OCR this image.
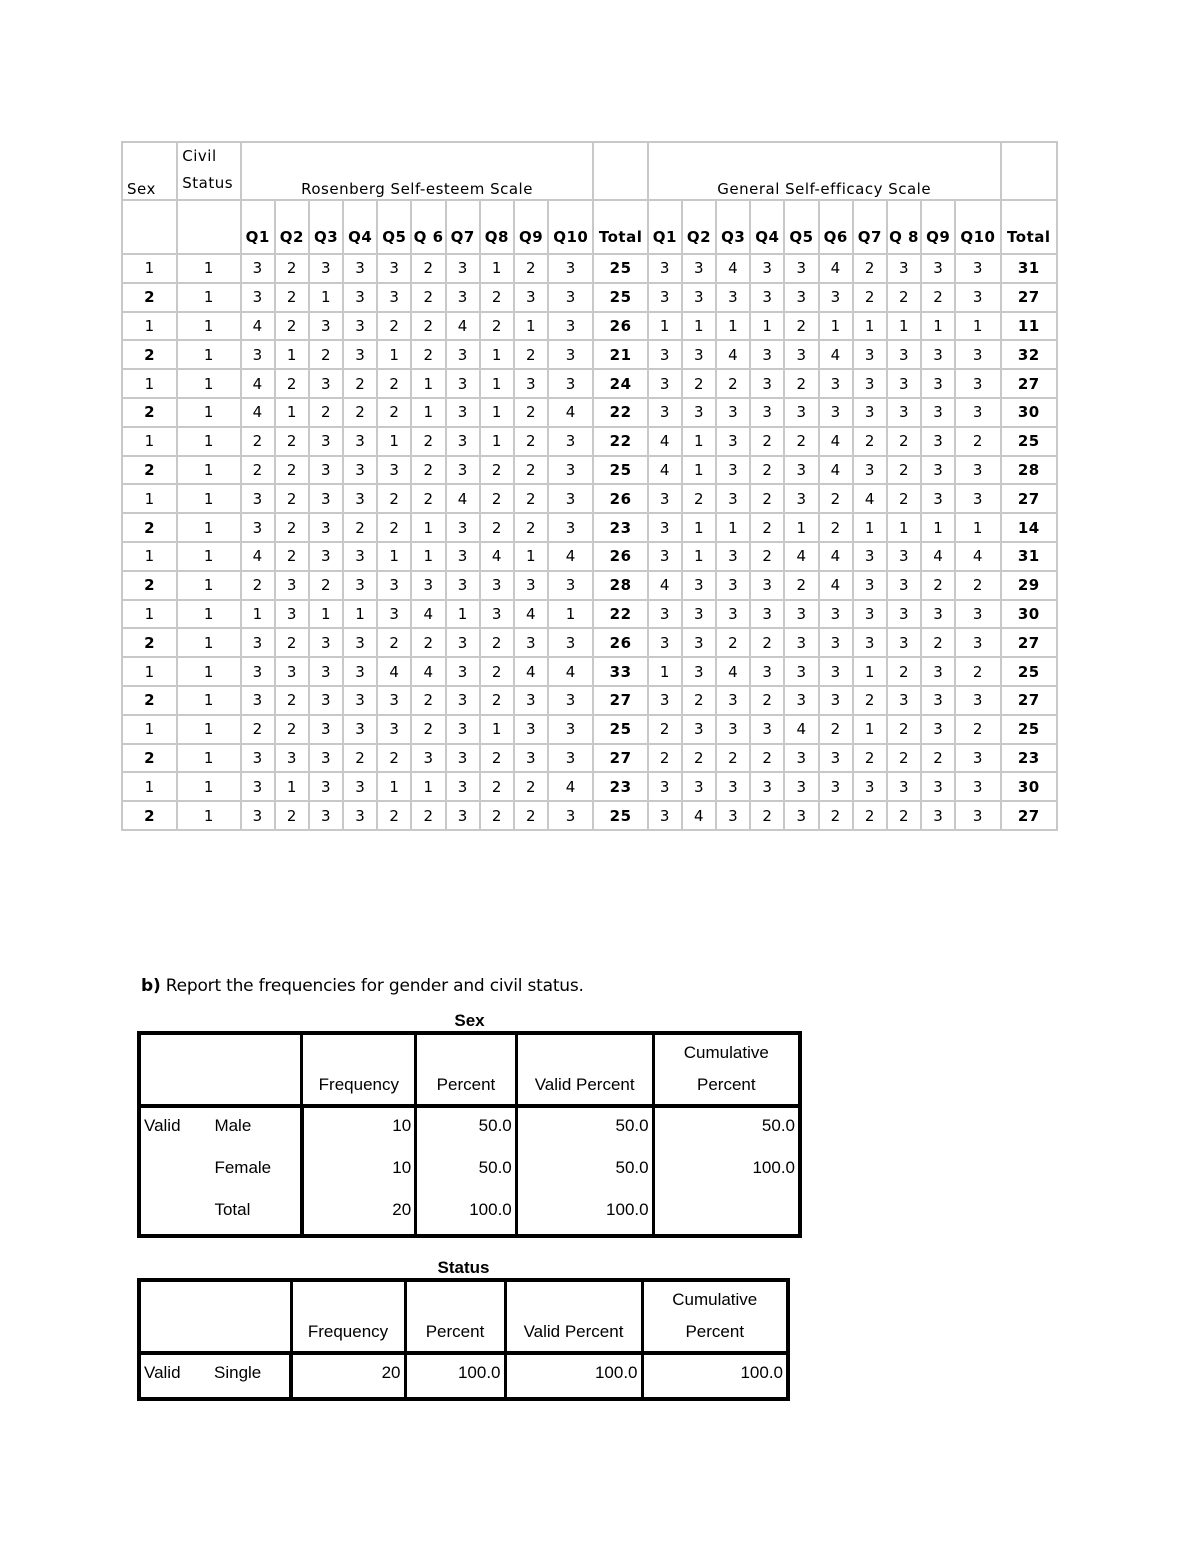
Sex	Civil Status	Rosenberg Self-esteem Scale											General Self-efficacy Scale										
		Q1	Q2	Q3	Q4	Q5	Q 6	Q7	Q8	Q9	Q10	Total	Q1	Q2	Q3	Q4	Q5	Q6	Q7	Q 8	Q9	Q10	Total
1	1	3	2	3	3	3	2	3	1	2	3	25	3	3	4	3	3	4	2	3	3	3	31
2	1	3	2	1	3	3	2	3	2	3	3	25	3	3	3	3	3	3	2	2	2	3	27
1	1	4	2	3	3	2	2	4	2	1	3	26	1	1	1	1	2	1	1	1	1	1	11
2	1	3	1	2	3	1	2	3	1	2	3	21	3	3	4	3	3	4	3	3	3	3	32
1	1	4	2	3	2	2	1	3	1	3	3	24	3	2	2	3	2	3	3	3	3	3	27
2	1	4	1	2	2	2	1	3	1	2	4	22	3	3	3	3	3	3	3	3	3	3	30
1	1	2	2	3	3	1	2	3	1	2	3	22	4	1	3	2	2	4	2	2	3	2	25
2	1	2	2	3	3	3	2	3	2	2	3	25	4	1	3	2	3	4	3	2	3	3	28
1	1	3	2	3	3	2	2	4	2	2	3	26	3	2	3	2	3	2	4	2	3	3	27
2	1	3	2	3	2	2	1	3	2	2	3	23	3	1	1	2	1	2	1	1	1	1	14
1	1	4	2	3	3	1	1	3	4	1	4	26	3	1	3	2	4	4	3	3	4	4	31
2	1	2	3	2	3	3	3	3	3	3	3	28	4	3	3	3	2	4	3	3	2	2	29
1	1	1	3	1	1	3	4	1	3	4	1	22	3	3	3	3	3	3	3	3	3	3	30
2	1	3	2	3	3	2	2	3	2	3	3	26	3	3	2	2	3	3	3	3	2	3	27
1	1	3	3	3	3	4	4	3	2	4	4	33	1	3	4	3	3	3	1	2	3	2	25
2	1	3	2	3	3	3	2	3	2	3	3	27	3	2	3	2	3	3	2	3	3	3	27
1	1	2	2	3	3	3	2	3	1	3	3	25	2	3	3	3	4	2	1	2	3	2	25
2	1	3	3	3	2	2	3	3	2	3	3	27	2	2	2	2	3	3	2	2	2	3	23
1	1	3	1	3	3	1	1	3	2	2	4	23	3	3	3	3	3	3	3	3	3	3	30
2	1	3	2	3	3	2	2	3	2	2	3	25	3	4	3	2	3	2	2	2	3	3	27
b) Report the frequencies for gender and civil status.
Sex
		Frequency	Percent	Valid Percent	Cumulative Percent
Valid	Male	10	50.0	50.0	50.0
	Female	10	50.0	50.0	100.0
	Total	20	100.0	100.0	
Status
		Frequency	Percent	Valid Percent	Cumulative Percent
Valid	Single	20	100.0	100.0	100.0
